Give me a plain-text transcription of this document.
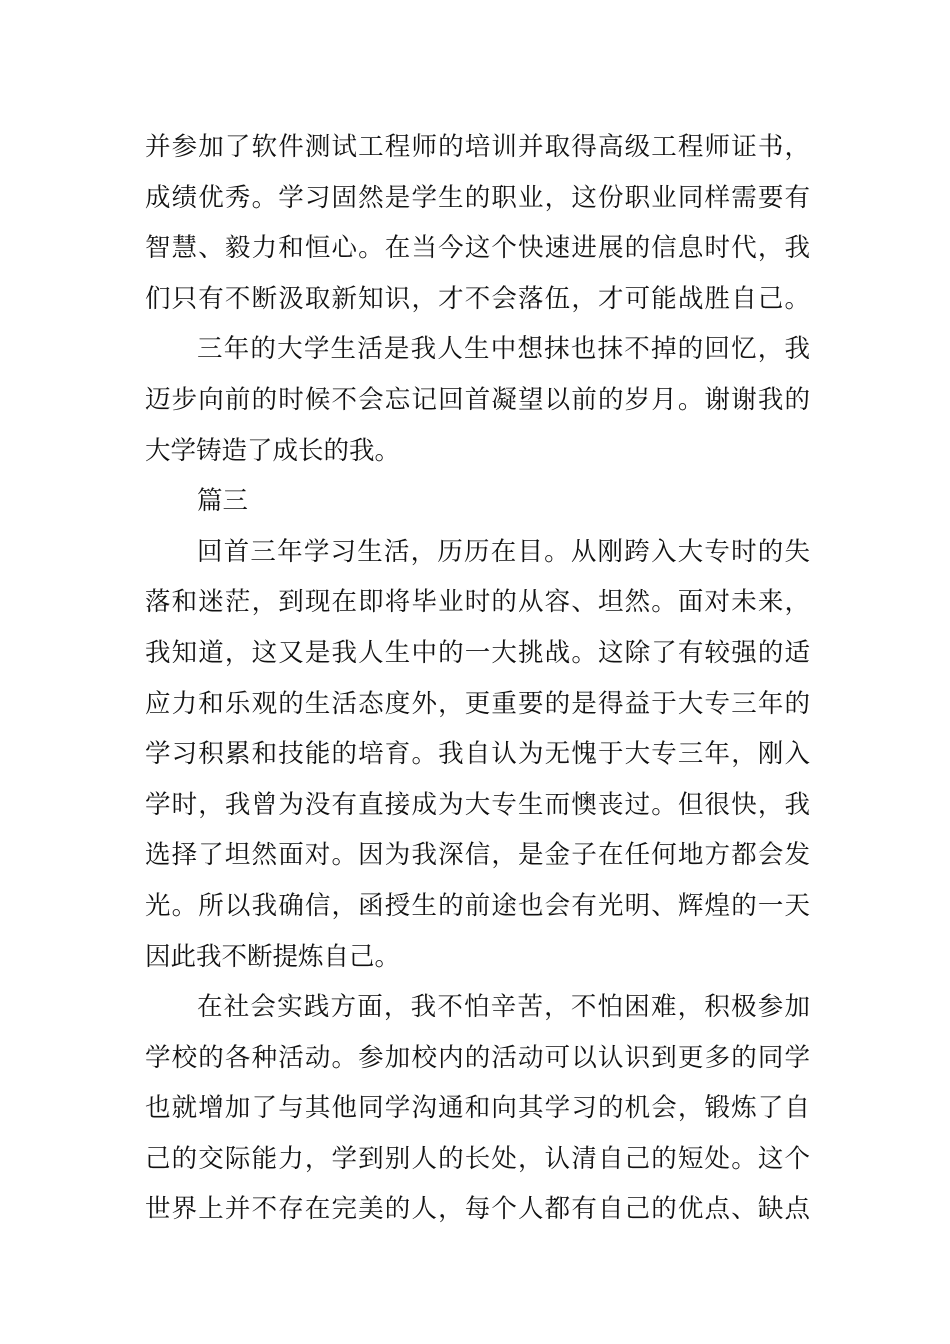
并参加了软件测试工程师的培训并取得高级工程师证书，
成绩优秀。学习固然是学生的职业，这份职业同样需要有
智慧、毅力和恒心。在当今这个快速进展的信息时代，我
们只有不断汲取新知识，才不会落伍，才可能战胜自己。
三年的大学生活是我人生中想抹也抹不掉的回忆，我
迈步向前的时候不会忘记回首凝望以前的岁月。谢谢我的
大学铸造了成长的我。
篇三
回首三年学习生活，历历在目。从刚跨入大专时的失
落和迷茫，到现在即将毕业时的从容、坦然。面对未来，
我知道，这又是我人生中的一大挑战。这除了有较强的适
应力和乐观的生活态度外，更重要的是得益于大专三年的
学习积累和技能的培育。我自认为无愧于大专三年，刚入
学时，我曾为没有直接成为大专生而懊丧过。但很快，我
选择了坦然面对。因为我深信，是金子在任何地方都会发
光。所以我确信，函授生的前途也会有光明、辉煌的一天
因此我不断提炼自己。
在社会实践方面，我不怕辛苦，不怕困难，积极参加
学校的各种活动。参加校内的活动可以认识到更多的同学
也就增加了与其他同学沟通和向其学习的机会，锻炼了自
己的交际能力，学到别人的长处，认清自己的短处。这个
世界上并不存在完美的人，每个人都有自己的优点、缺点
